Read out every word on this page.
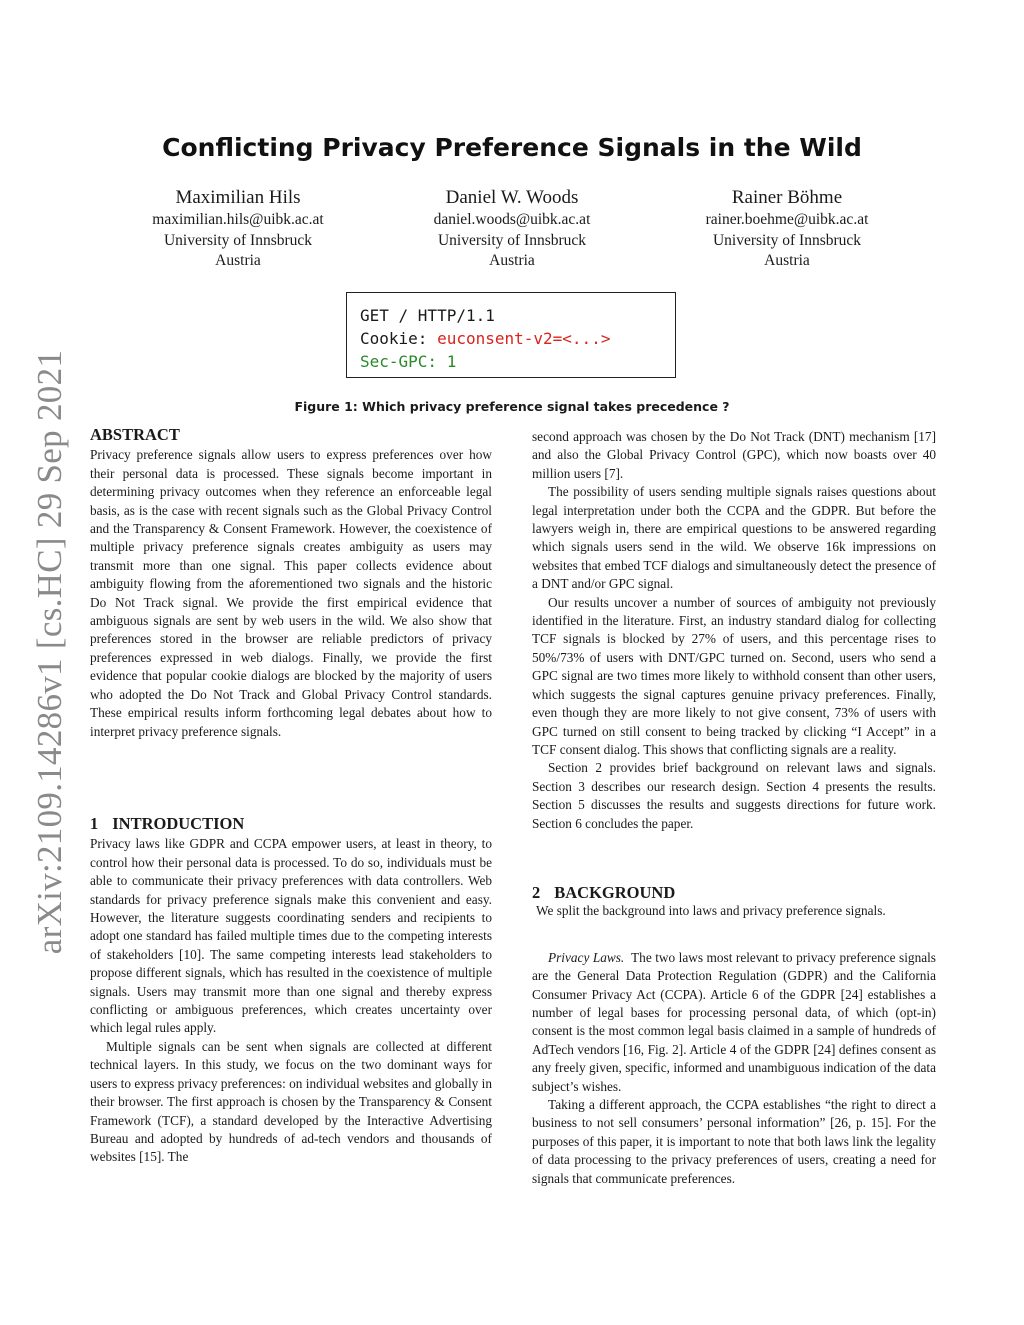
arXiv:2109.14286v1 [cs.HC] 29 Sep 2021
Conflicting Privacy Preference Signals in the Wild
Maximilian Hils
maximilian.hils@uibk.ac.at
University of Innsbruck
Austria
Daniel W. Woods
daniel.woods@uibk.ac.at
University of Innsbruck
Austria
Rainer Böhme
rainer.boehme@uibk.ac.at
University of Innsbruck
Austria
GET / HTTP/1.1
Cookie: euconsent-v2=<...>
Sec-GPC: 1
Figure 1: Which privacy preference signal takes precedence ?
ABSTRACT

Privacy preference signals allow users to express preferences over how their personal data is processed. These signals become important in determining privacy outcomes when they reference an enforceable legal basis, as is the case with recent signals such as the Global Privacy Control and the Transparency & Consent Framework. However, the coexistence of multiple privacy preference signals creates ambiguity as users may transmit more than one signal. This paper collects evidence about ambiguity flowing from the aforementioned two signals and the historic Do Not Track signal. We provide the first empirical evidence that ambiguous signals are sent by web users in the wild. We also show that preferences stored in the browser are reliable predictors of privacy preferences expressed in web dialogs. Finally, we provide the first evidence that popular cookie dialogs are blocked by the majority of users who adopted the Do Not Track and Global Privacy Control standards. These empirical results inform forthcoming legal debates about how to interpret privacy preference signals.

1 INTRODUCTION

Privacy laws like GDPR and CCPA empower users, at least in theory, to control how their personal data is processed. To do so, individuals must be able to communicate their privacy preferences with data controllers. Web standards for privacy preference signals make this convenient and easy. However, the literature suggests coordinating senders and recipients to adopt one standard has failed multiple times due to the competing interests of stakeholders [10]. The same competing interests lead stakeholders to propose different signals, which has resulted in the coexistence of multiple signals. Users may transmit more than one signal and thereby express conflicting or ambiguous preferences, which creates uncertainty over which legal rules apply.

Multiple signals can be sent when signals are collected at different technical layers. In this study, we focus on the two dominant ways for users to express privacy preferences: on individual websites and globally in their browser. The first approach is chosen by the Transparency & Consent Framework (TCF), a standard developed by the Interactive Advertising Bureau and adopted by hundreds of ad-tech vendors and thousands of websites [15]. The

second approach was chosen by the Do Not Track (DNT) mechanism [17] and also the Global Privacy Control (GPC), which now boasts over 40 million users [7].

The possibility of users sending multiple signals raises questions about legal interpretation under both the CCPA and the GDPR. But before the lawyers weigh in, there are empirical questions to be answered regarding which signals users send in the wild. We observe 16k impressions on websites that embed TCF dialogs and simultaneously detect the presence of a DNT and/or GPC signal.

Our results uncover a number of sources of ambiguity not previously identified in the literature. First, an industry standard dialog for collecting TCF signals is blocked by 27% of users, and this percentage rises to 50%/73% of users with DNT/GPC turned on. Second, users who send a GPC signal are two times more likely to withhold consent than other users, which suggests the signal captures genuine privacy preferences. Finally, even though they are more likely to not give consent, 73% of users with GPC turned on still consent to being tracked by clicking “I Accept” in a TCF consent dialog. This shows that conflicting signals are a reality.

Section 2 provides brief background on relevant laws and signals. Section 3 describes our research design. Section 4 presents the results. Section 5 discusses the results and suggests directions for future work. Section 6 concludes the paper.

2 BACKGROUND

We split the background into laws and privacy preference signals.

Privacy Laws. The two laws most relevant to privacy preference signals are the General Data Protection Regulation (GDPR) and the California Consumer Privacy Act (CCPA). Article 6 of the GDPR [24] establishes a number of legal bases for processing personal data, of which (opt-in) consent is the most common legal basis claimed in a sample of hundreds of AdTech vendors [16, Fig. 2]. Article 4 of the GDPR [24] defines consent as any freely given, specific, informed and unambiguous indication of the data subject’s wishes.

Taking a different approach, the CCPA establishes “the right to direct a business to not sell consumers’ personal information” [26, p. 15]. For the purposes of this paper, it is important to note that both laws link the legality of data processing to the privacy preferences of users, creating a need for signals that communicate preferences.
